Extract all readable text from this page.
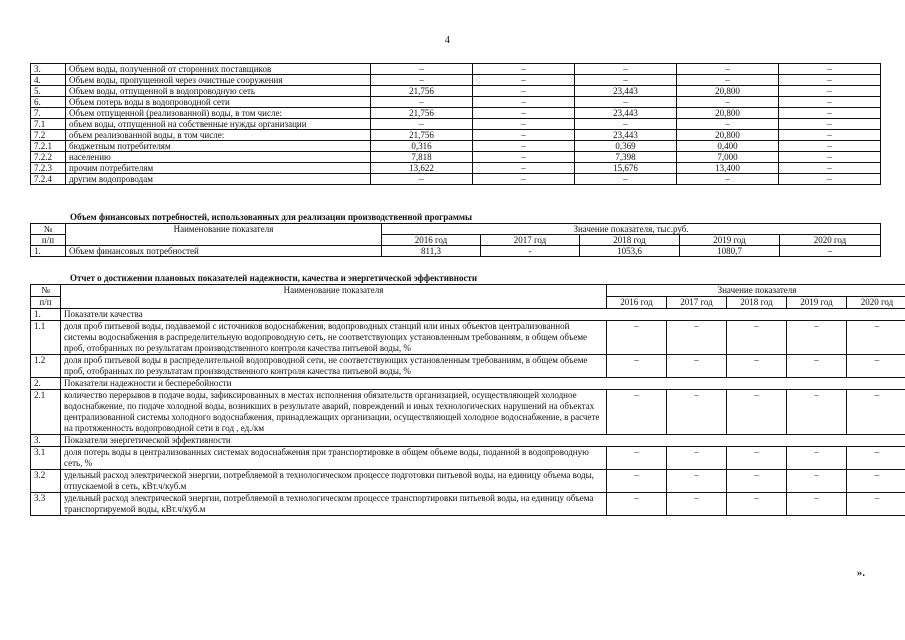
4
3.	Объем воды, полученной от сторонних поставщиков	–	–	–	–	–
4.	Объем воды, пропущенной через очистные сооружения	–	–	–	–	–
5.	Объем воды, отпущенной в водопроводную сеть	21,756	–	23,443	20,800	–
6.	Объем потерь воды в водопроводной сети	–	–	–	–	–
7.	Объем отпущенной (реализованной) воды, в том числе:	21,756	–	23,443	20,800	–
7.1	объем воды, отпущенной на собственные нужды организации	–	–	–	–	–
7.2	объем реализованной воды, в том числе:	21,756	–	23,443	20,800	–
7.2.1	бюджетным потребителям	0,316	–	0,369	0,400	–
7.2.2	населению	7,818	–	7,398	7,000	–
7.2.3	прочим потребителям	13,622	–	15,676	13,400	–
7.2.4	другим водопроводам	–	–	–	–	–
Объем финансовых потребностей, использованных для реализации производственной программы
№	Наименование показателя	Значение показателя, тыс.руб.				
п/п		2016 год	2017 год	2018 год	2019 год	2020 год
1.	Объем финансовых потребностей	811,3	-	1053,6	1080,7	–
Отчет о достижении плановых показателей надежности, качества и энергетической эффективности
№	Наименование показателя	Значение показателя				
п/п		2016 год	2017 год	2018 год	2019 год	2020 год
1.	Показатели качества					
1.1	доля проб питьевой воды, подаваемой с источников водоснабжения, водопроводных станций или иных объектов централизованной системы водоснабжения в распределительную водопроводную сеть, не соответствующих установленным требованиям, в общем объеме проб, отобранных по результатам производственного контроля качества питьевой воды, %	–	–	–	–	–
1.2	доля проб питьевой воды в распределительной водопроводной сети, не соответствующих установленным требованиям, в общем объеме проб, отобранных по результатам производственного контроля качества питьевой воды, %	–	–	–	–	–
2.	Показатели надежности и бесперебойности					
2.1	количество перерывов в подаче воды, зафиксированных в местах исполнения обязательств организацией, осуществляющей холодное водоснабжение, по подаче холодной воды, возникших в результате аварий, повреждений и иных технологических нарушений на объектах централизованной системы холодного водоснабжения, принадлежащих организации, осуществляющей холодное водоснабжение, в расчете на протяженность водопроводной сети в год , ед./км	–	–	–	–	–
3.	Показатели энергетической эффективности					
3.1	доля потерь воды в централизованных системах водоснабжения при транспортировке в общем объеме воды, поданной в водопроводную сеть, %	–	–	–	–	–
3.2	удельный расход электрической энергии, потребляемой в технологическом процессе подготовки питьевой воды, на единицу объема воды, отпускаемой в сеть, кВт.ч/куб.м	–	–	–	–	–
3.3	удельный расход электрической энергии, потребляемой в технологическом процессе транспортировки питьевой воды, на единицу объема транспортируемой воды, кВт.ч/куб.м	–	–	–	–	–
».
